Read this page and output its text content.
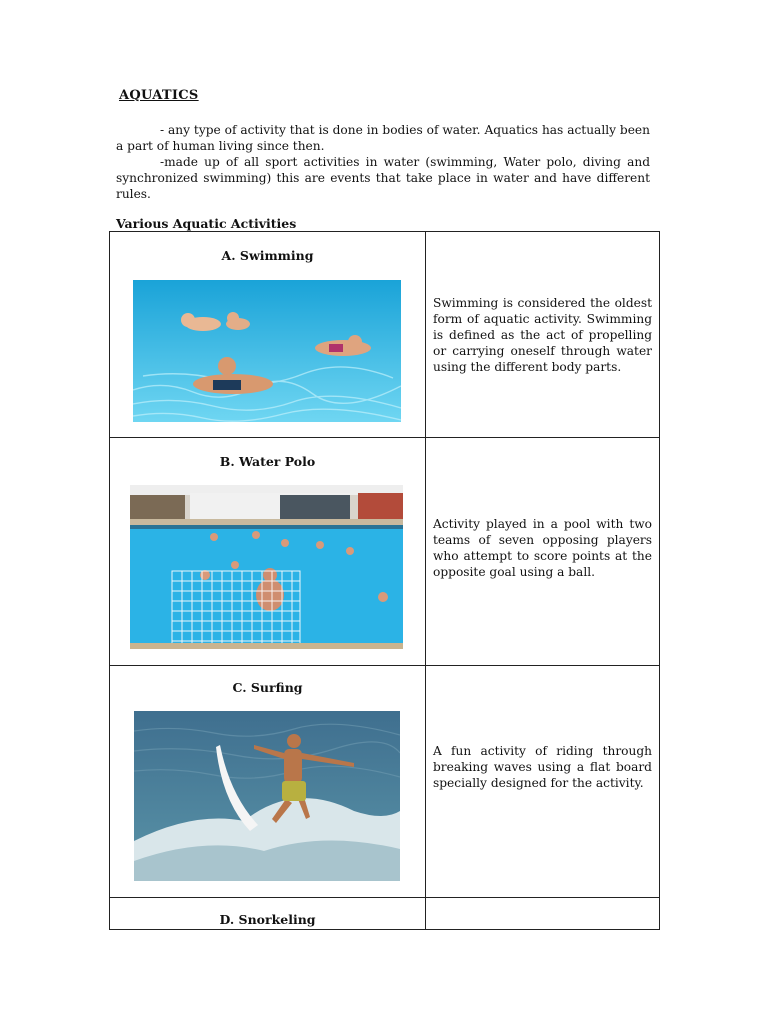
AQUATICS

- any type of activity that is done in bodies of water. Aquatics has actually been a part of human living since then.

-made up of all sport activities in water (swimming, Water polo, diving and synchronized swimming) this are events that take place in water and have different rules.

Various Aquatic Activities
A. Swimming	Swimming is considered the oldest form of aquatic activity. Swimming is defined as the act of propelling or carrying oneself through water using the different body parts.

B. Water Polo	Activity played in a pool with two teams of seven opposing players who attempt to score points at the opposite goal using a ball.

C. Surfing	A fun activity of riding through breaking waves using a flat board specially designed for the activity.

D. Snorkeling	
